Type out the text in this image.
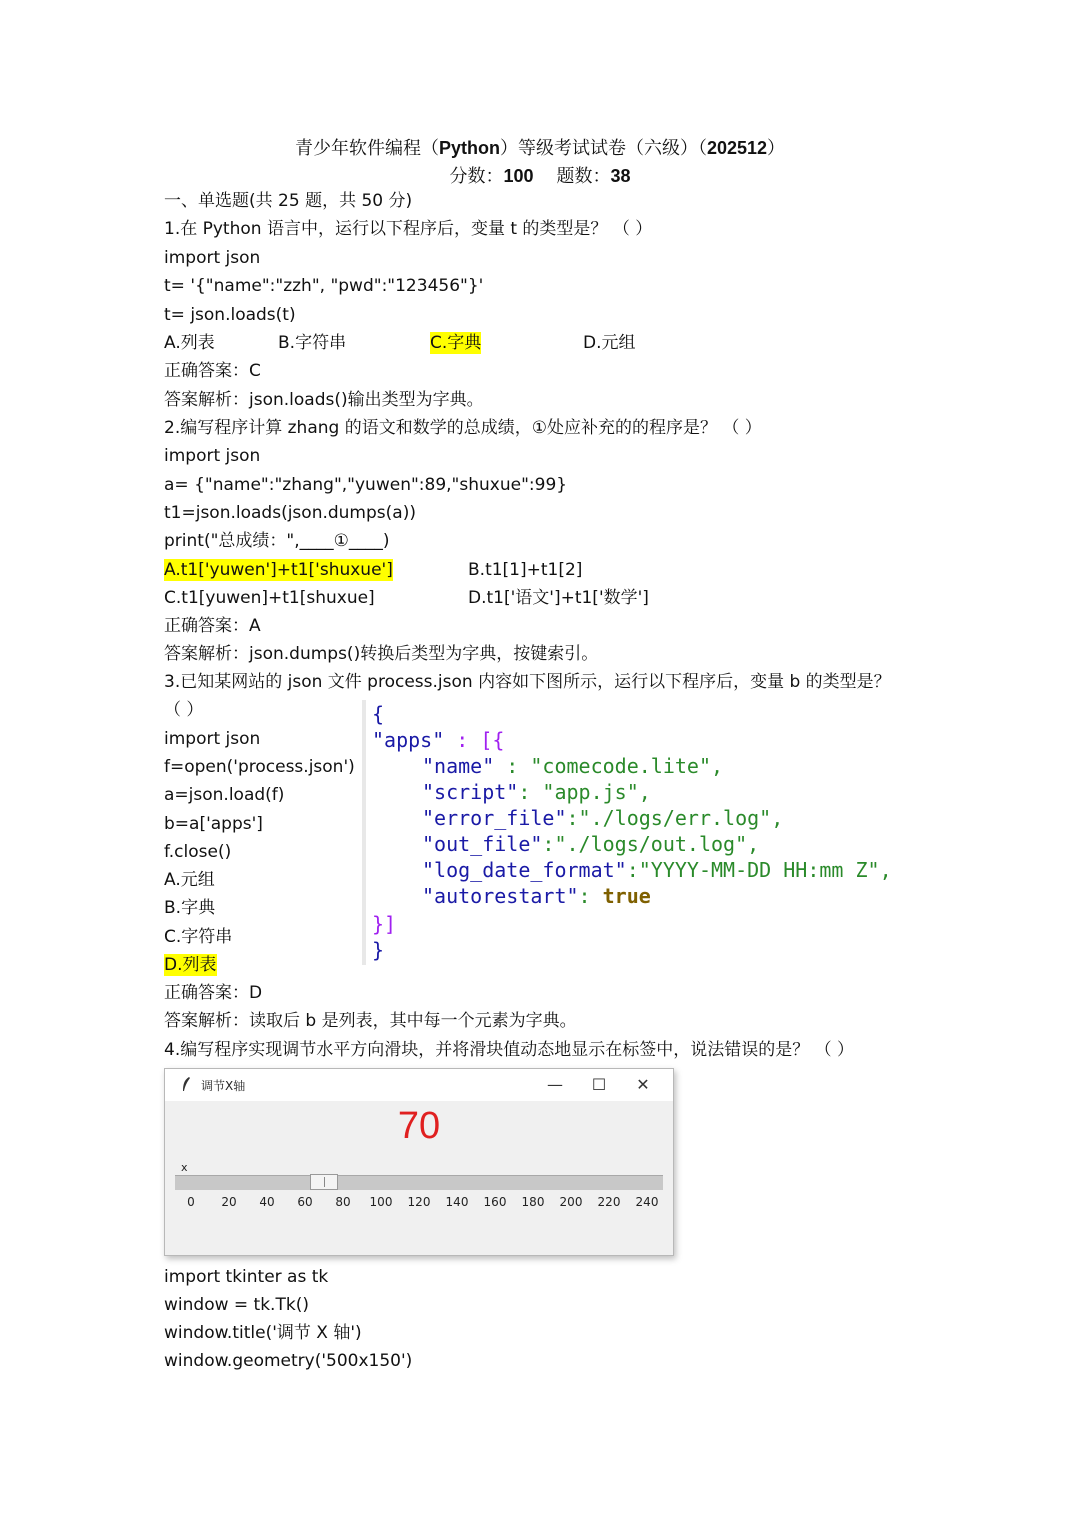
青少年软件编程（Python）等级考试试卷（六级）（202512）
分数：100 题数：38
一、单选题(共 25 题，共 50 分)
1.在 Python 语言中，运行以下程序后，变量 t 的类型是？ （ ）
import json
t= '{"name":"zzh", "pwd":"123456"}'
t= json.loads(t)
A.列表	B.字符串	C.字典	D.元组
正确答案：C
答案解析：json.loads()输出类型为字典。
2.编写程序计算 zhang 的语文和数学的总成绩，①处应补充的的程序是？ （ ）
import json
a= {"name":"zhang","yuwen":89,"shuxue":99}
t1=json.loads(json.dumps(a))
print("总成绩：",____①____)
A.t1['yuwen']+t1['shuxue']	B.t1[1]+t1[2]
C.t1[yuwen]+t1[shuxue]	D.t1['语文']+t1['数学']
正确答案：A
答案解析：json.dumps()转换后类型为字典，按键索引。
3.已知某网站的 json 文件 process.json 内容如下图所示，运行以下程序后，变量 b 的类型是？
（ ）
import json
f=open('process.json')
a=json.load(f)
b=a['apps']
f.close()
A.元组
B.字典
C.字符串
D.列表
正确答案：D
答案解析：读取后 b 是列表，其中每一个元素为字典。
{
"apps" : [{
"name" : "comecode.lite",
"script": "app.js",
"error_file":"./logs/err.log",
"out_file":"./logs/out.log",
"log_date_format":"YYYY-MM-DD HH:mm Z",
"autorestart": true
}]
}
4.编写程序实现调节水平方向滑块，并将滑块值动态地显示在标签中，说法错误的是？ （ ）
调节X轴	—	☐	✕
70
x
0 20 40 60 80 100 120 140 160 180 200 220 240
import tkinter as tk
window = tk.Tk()
window.title('调节 X 轴')
window.geometry('500x150')
